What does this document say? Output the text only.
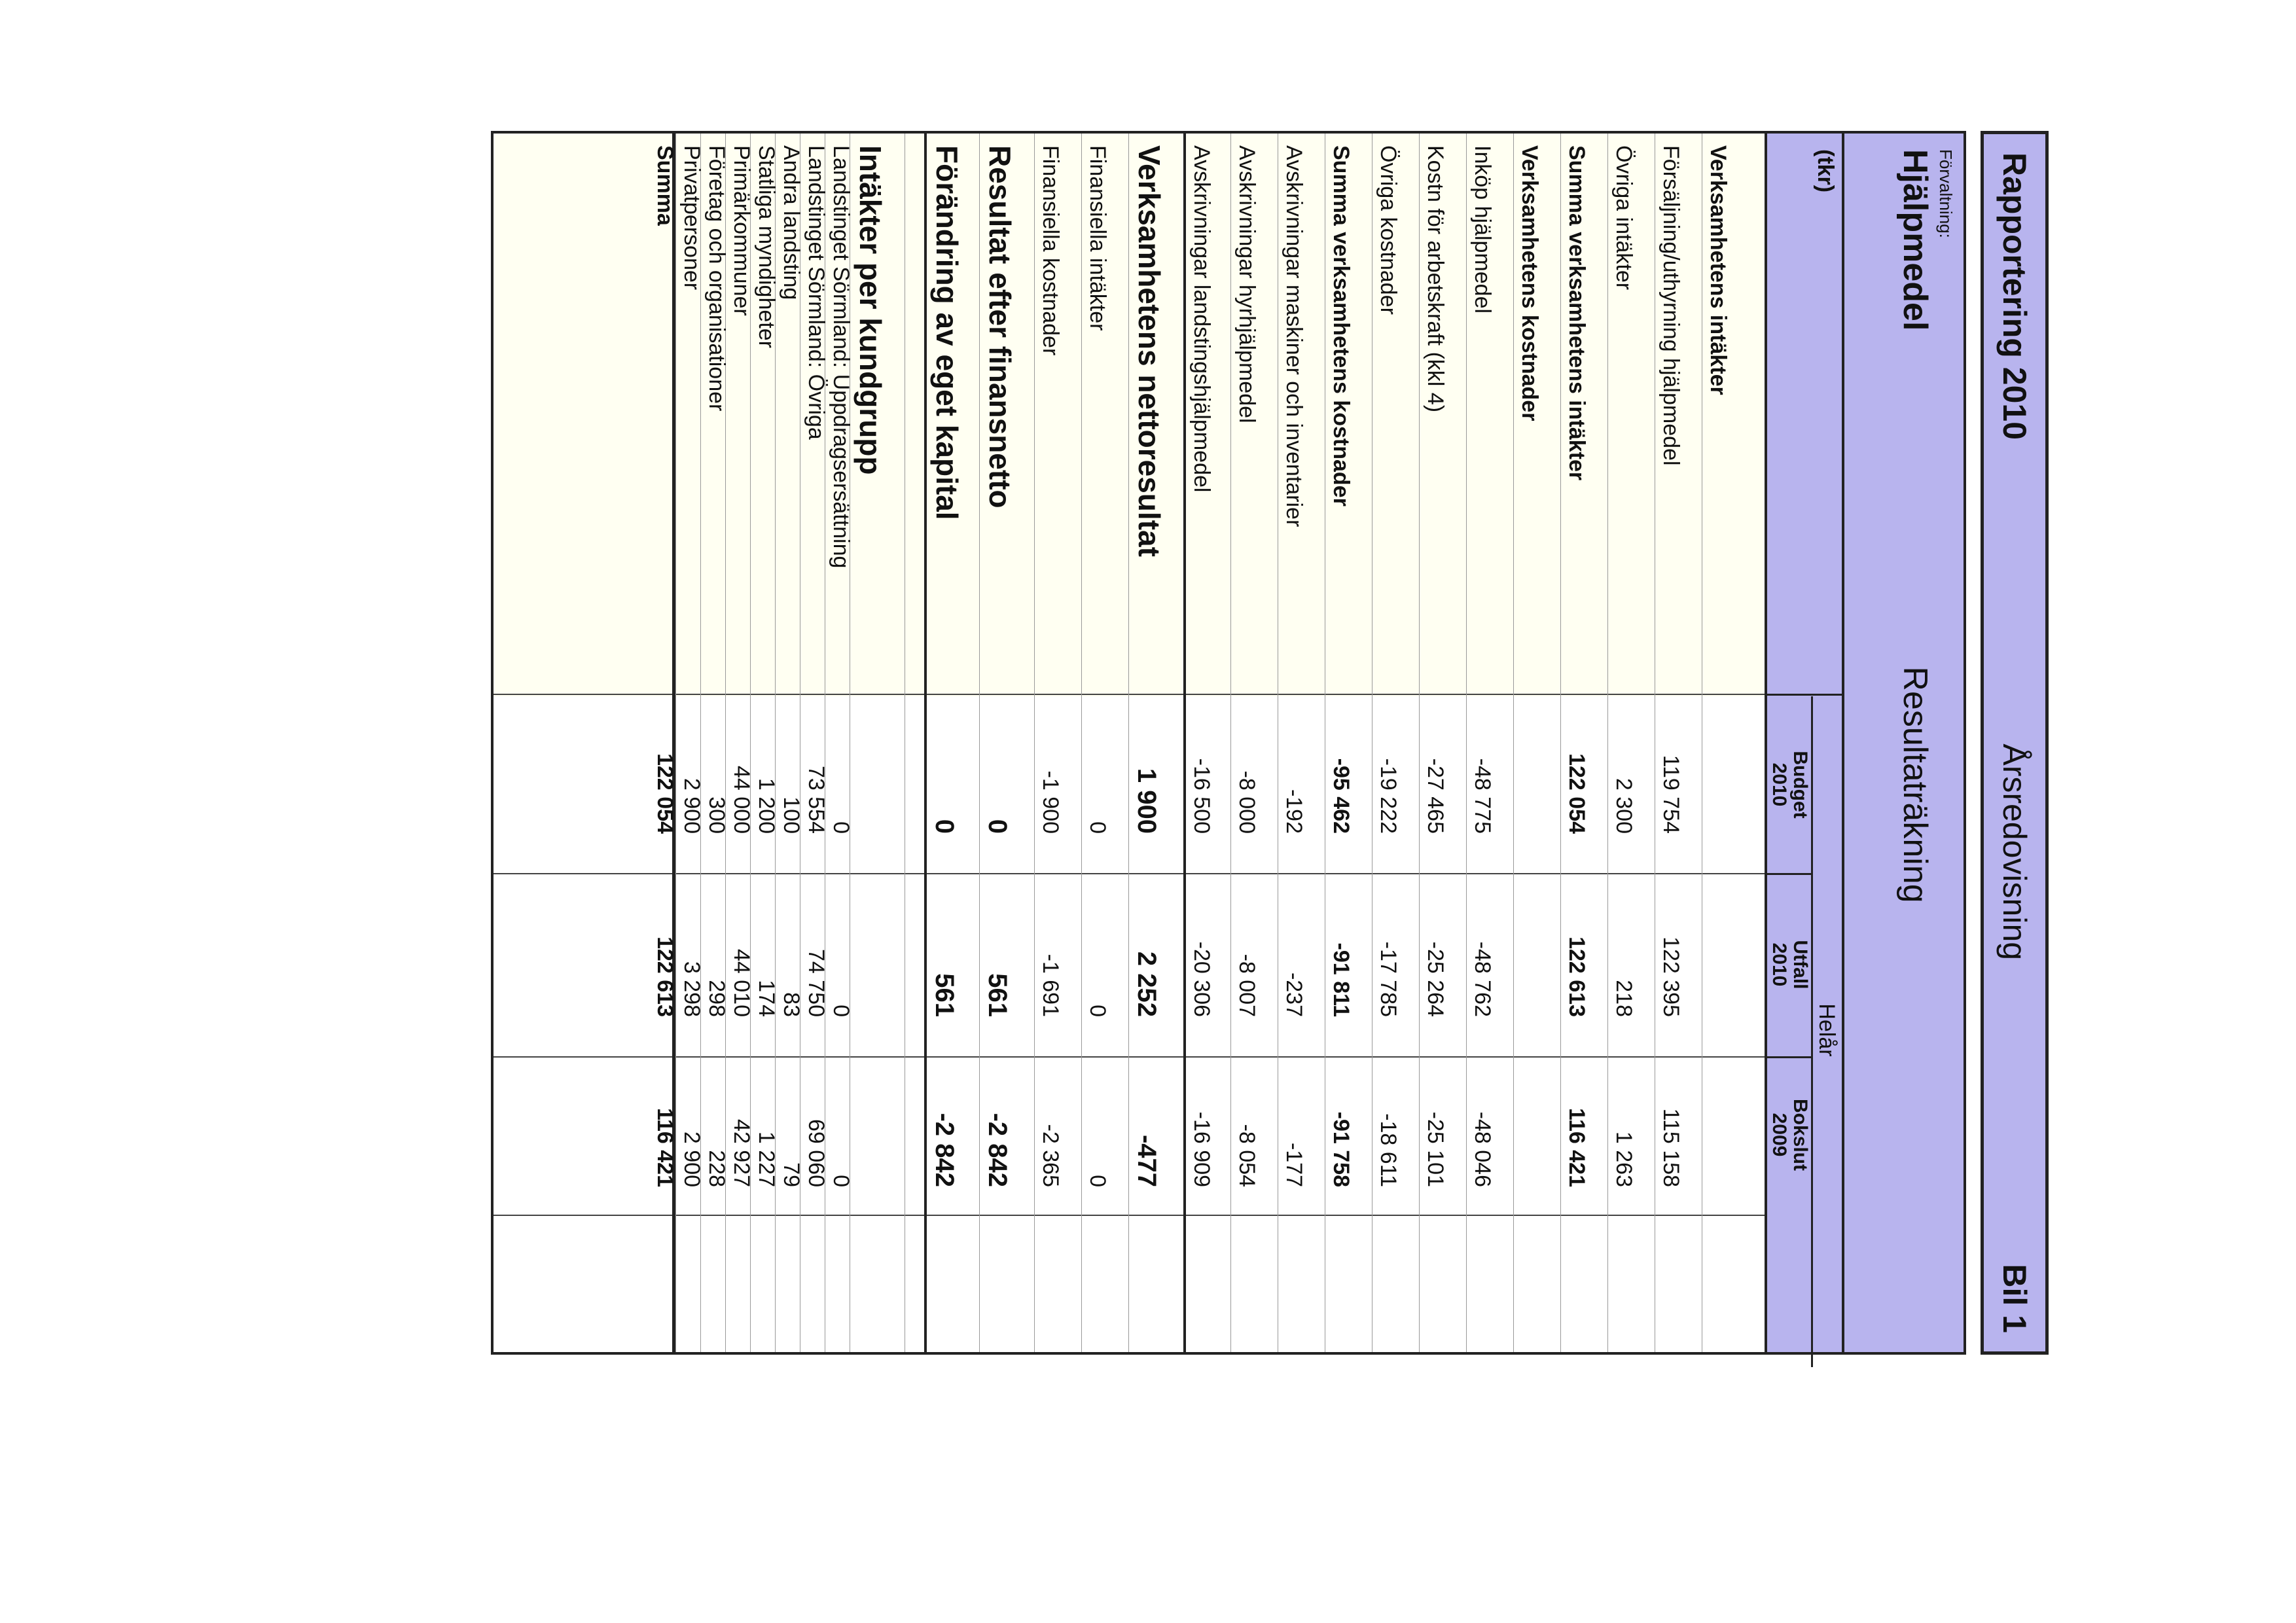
Rapportering 2010
Årsredovisning
Bil 1
Förvaltning:
Hjälpmedel
Resultaträkning
(tkr)
Helår
Budget
2010
Utfall
2010
Bokslut
2009
Verksamhetens intäkter
Försäljning/uthyrning hjälpmedel
119 754
122 395
115 158
Övriga intäkter
2 300
218
1 263
Summa verksamhetens intäkter
122 054
122 613
116 421
Verksamhetens kostnader
Inköp hjälpmedel
-48 775
-48 762
-48 046
Kostn för arbetskraft (kkl 4)
-27 465
-25 264
-25 101
Övriga kostnader
-19 222
-17 785
-18 611
Summa verksamhetens kostnader
-95 462
-91 811
-91 758
Avskrivningar maskiner och inventarier
-192
-237
-177
Avskrivningar hyrhjälpmedel
-8 000
-8 007
-8 054
Avskrivningar landstingshjälpmedel
-16 500
-20 306
-16 909
Verksamhetens nettoresultat
1 900
2 252
-477
Finansiella intäkter
0
0
0
Finansiella kostnader
-1 900
-1 691
-2 365
Resultat efter finansnetto
0
561
-2 842
Förändring av eget kapital
0
561
-2 842
Intäkter per kundgrupp
Landstinget Sörmland: Uppdragsersättning
0
0
0
Landstinget Sörmland: Övriga
73 554
74 750
69 060
Andra landsting
100
83
79
Statliga myndigheter
1 200
174
1 227
Primärkommuner
44 000
44 010
42 927
Företag och organisationer
300
298
228
Privatpersoner
2 900
3 298
2 900
Summa
122 054
122 613
116 421
